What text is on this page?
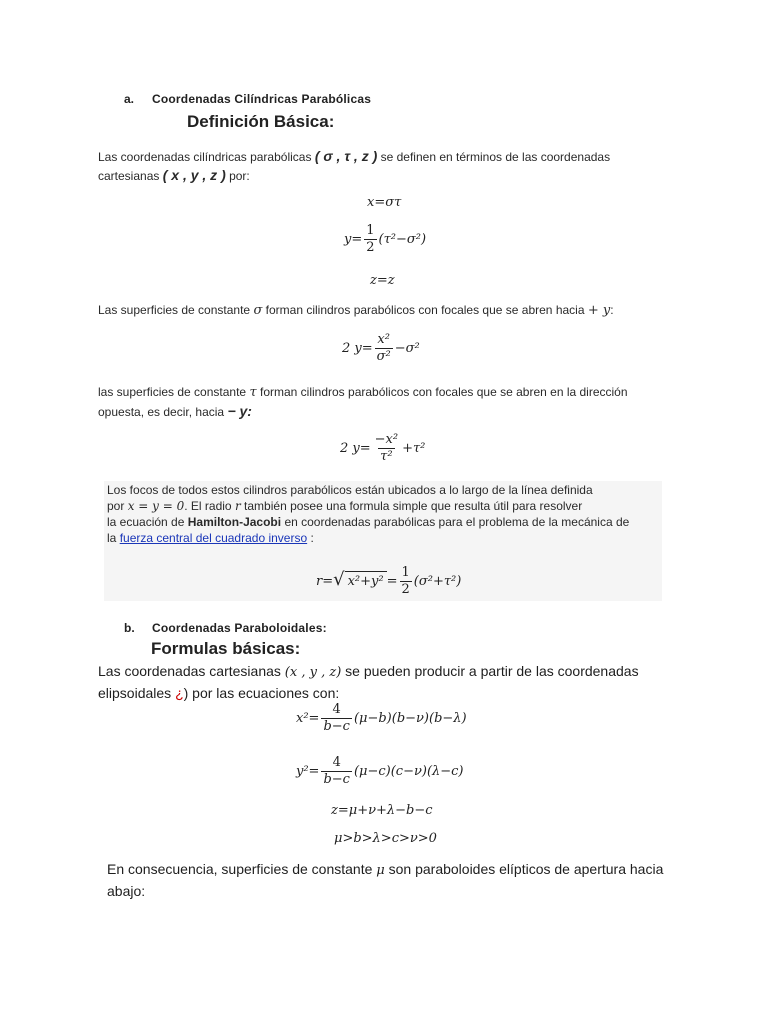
a. Coordenadas Cilíndricas Parabólicas
Definición Básica:
Las coordenadas cilíndricas parabólicas ( σ , τ , z ) se definen en términos de las coordenadas
cartesianas ( x , y , z ) por:
x=στ
$y= \frac{1}{2} (\tau^2-\sigma^2)$
z=z
Las superficies de constante σ forman cilindros parabólicos con focales que se abren hacia + y:
2 $y= \frac{\text{x²}}{\text{σ²}} -\sigma^2$
las superficies de constante τ forman cilindros parabólicos con focales que se abren en la dirección
opuesta, es decir, hacia − y:
2 $y= \frac{\text{−x²}}{\text{τ²}} +\tau^2$
Los focos de todos estos cilindros parabólicos están ubicados a lo largo de la línea definida
por x = y = 0. El radio r también posee una formula simple que resulta útil para resolver
la ecuación de Hamilton-Jacobi en coordenadas parabólicas para el problema de la mecánica de
la fuerza central del cuadrado inverso :
r=√ $x^2+y^2 = \frac{1}{2} (\sigma^2+\tau^2)$
b. Coordenadas Paraboloidales:
Formulas básicas:
Las coordenadas cartesianas (x , y , z) se pueden producir a partir de las coordenadas
elipsoidales ¿) por las ecuaciones con:
$x^2= \frac{4}{b-c} (\mu-b)(b-\nu)(b-\lambda)$
$y^2= \frac{4}{b-c} (\mu-c)(c-\nu)(\lambda-c)$
z=μ+ν+λ−b−c
μ>b>λ>c>ν>0
En consecuencia, superficies de constante μ son paraboloides elípticos de apertura hacia
abajo:
